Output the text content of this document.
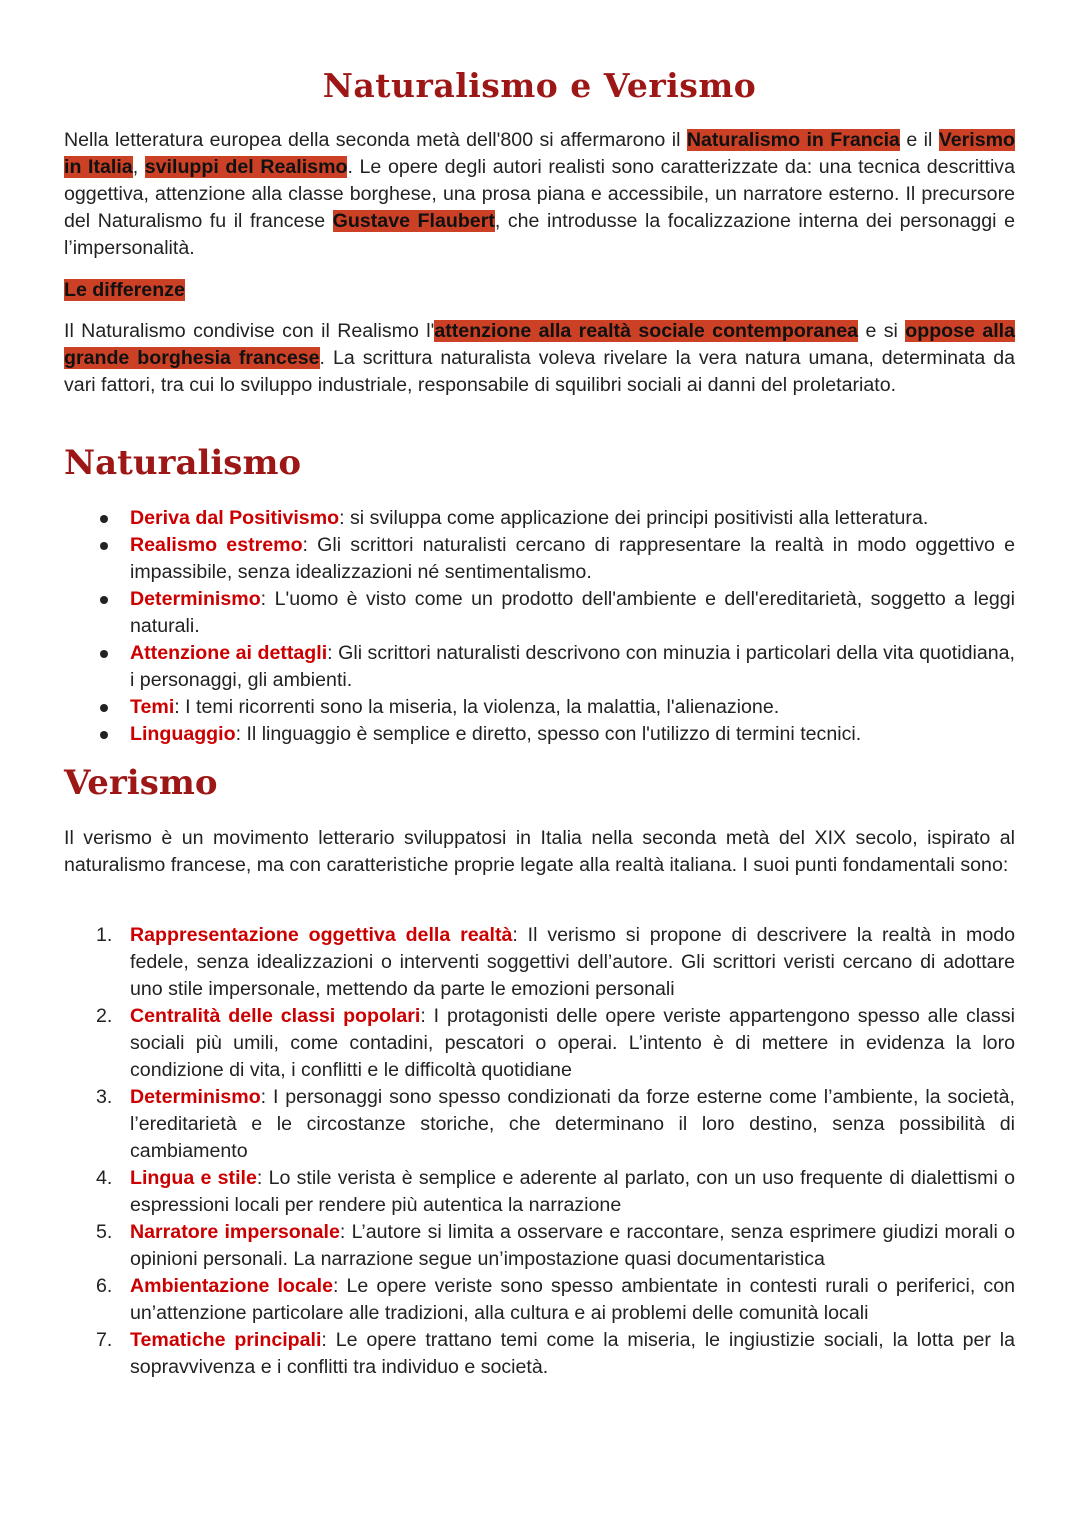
Naturalismo e Verismo

Nella letteratura europea della seconda metà dell'800 si affermarono il Naturalismo in Francia e il Verismo in Italia, sviluppi del Realismo. Le opere degli autori realisti sono caratterizzate da: una tecnica descrittiva oggettiva, attenzione alla classe borghese, una prosa piana e accessibile, un narratore esterno. Il precursore del Naturalismo fu il francese Gustave Flaubert, che introdusse la focalizzazione interna dei personaggi e l’impersonalità.

Le differenze

Il Naturalismo condivise con il Realismo l'attenzione alla realtà sociale contemporanea e si oppose alla grande borghesia francese. La scrittura naturalista voleva rivelare la vera natura umana, determinata da vari fattori, tra cui lo sviluppo industriale, responsabile di squilibri sociali ai danni del proletariato.

Naturalismo
Deriva dal Positivismo: si sviluppa come applicazione dei principi positivisti alla letteratura.
Realismo estremo: Gli scrittori naturalisti cercano di rappresentare la realtà in modo oggettivo e impassibile, senza idealizzazioni né sentimentalismo.
Determinismo: L'uomo è visto come un prodotto dell'ambiente e dell'ereditarietà, soggetto a leggi naturali.
Attenzione ai dettagli: Gli scrittori naturalisti descrivono con minuzia i particolari della vita quotidiana, i personaggi, gli ambienti.
Temi: I temi ricorrenti sono la miseria, la violenza, la malattia, l'alienazione.
Linguaggio: Il linguaggio è semplice e diretto, spesso con l'utilizzo di termini tecnici.
Verismo

Il verismo è un movimento letterario sviluppatosi in Italia nella seconda metà del XIX secolo, ispirato al naturalismo francese, ma con caratteristiche proprie legate alla realtà italiana. I suoi punti fondamentali sono:

1. Rappresentazione oggettiva della realtà: Il verismo si propone di descrivere la realtà in modo fedele, senza idealizzazioni o interventi soggettivi dell’autore. Gli scrittori veristi cercano di adottare uno stile impersonale, mettendo da parte le emozioni personali
2. Centralità delle classi popolari: I protagonisti delle opere veriste appartengono spesso alle classi sociali più umili, come contadini, pescatori o operai. L’intento è di mettere in evidenza la loro condizione di vita, i conflitti e le difficoltà quotidiane
3. Determinismo: I personaggi sono spesso condizionati da forze esterne come l’ambiente, la società, l’ereditarietà e le circostanze storiche, che determinano il loro destino, senza possibilità di cambiamento
4. Lingua e stile: Lo stile verista è semplice e aderente al parlato, con un uso frequente di dialettismi o espressioni locali per rendere più autentica la narrazione
5. Narratore impersonale: L’autore si limita a osservare e raccontare, senza esprimere giudizi morali o opinioni personali. La narrazione segue un’impostazione quasi documentaristica
6. Ambientazione locale: Le opere veriste sono spesso ambientate in contesti rurali o periferici, con un’attenzione particolare alle tradizioni, alla cultura e ai problemi delle comunità locali
7. Tematiche principali: Le opere trattano temi come la miseria, le ingiustizie sociali, la lotta per la sopravvivenza e i conflitti tra individuo e società.
